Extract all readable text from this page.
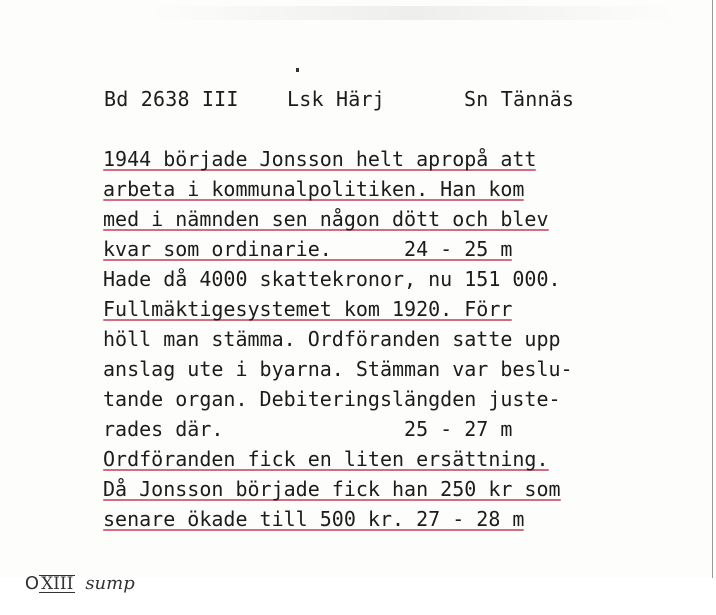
Bd 2638 III

Lsk Härj

	Sn Tännäs

1944 började Jonsson helt apropå att
arbeta i kommunalpolitiken. Han kom
med i nämnden sen någon dött och blev
kvar som ordinarie.      24 - 25 m
Hade då 4000 skattekronor, nu 151 000.
Fullmäktigesystemet kom 1920. Förr
höll man stämma. Ordföranden satte upp
anslag ute i byarna. Stämman var beslu-
tande organ. Debiteringslängden juste-
rades där.               25 - 27 m
Ordföranden fick en liten ersättning.
Då Jonsson började fick han 250 kr som
senare ökade till 500 kr. 27 - 28 m

O XIII sump
